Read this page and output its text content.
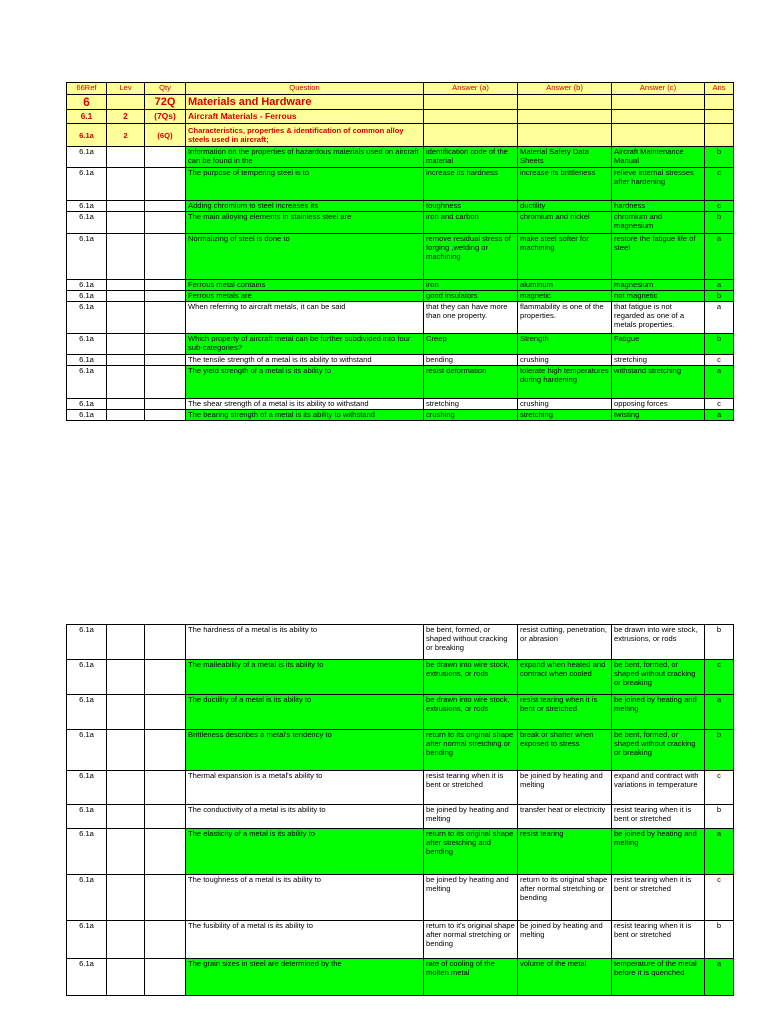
66Ref	Lev	Qty	Question	Answer (a)	Answer (b)	Answer (c)	Ans
6		72Q	Materials and Hardware				
6.1	2	(7Qs)	Aircraft Materials - Ferrous				
6.1a	2	(6Q)	Characteristics, properties & identification of common alloy steels used in aircraft;				
6.1a			Information on the properties of hazardous materials used on aircraft can be found in the	identification code of the material	Material Safety Data Sheets	Aircraft Maintenance Manual	b
6.1a			The purpose of tempering steel is to	increase its hardness	increase its brittleness	relieve internal stresses after hardening	c
6.1a			Adding chromium to steel increases its	toughness	ductility	hardness	c
6.1a			The main alloying elements in stainless steel are	iron and carbon	chromium and nickel	chromium and magnesium	b
6.1a			Normalizing of steel is done to	remove residual stress of forging ,welding or machining	make steel softer for machining	restore the fatigue life of steel	a
6.1a			Ferrous metal contains	iron	aluminum	magnesium	a
6.1a			Ferrous metals are	good insulators	magnetic	not magnetic	b
6.1a			When referring to aircraft metals, it can be said	that they can have more than one property.	flammability is one of the properties.	that fatigue is not regarded as one of a metals properties.	a
6.1a			Which property of aircraft metal can be further subdivided into four sub-categories?	Creep	Strength	Fatigue	b
6.1a			The tensile strength of a metal is its ability to withstand	bending	crushing	stretching	c
6.1a			The yield strength of a metal is its ability to	resist deformation	tolerate high temperatures during hardening	withstand stretching	a
6.1a			The shear strength of a metal is its ability to withstand	stretching	crushing	opposing forces	c
6.1a			The bearing strength of a metal is its ability to withstand	crushing	stretching	twisting	a
6.1a			The hardness of a metal is its ability to	be bent, formed, or shaped without cracking or breaking	resist cutting, penetration, or abrasion	be drawn into wire stock, extrusions, or rods	b
6.1a			The malleability of a metal is its ability to	be drawn into wire stock, extrusions, or rods	expand when heated and contract when cooled	be bent, formed, or shaped without cracking or breaking	c
6.1a			The ductility of a metal is its ability to	be drawn into wire stock, extrusions, or rods	resist tearing when it is bent or stretched	be joined by heating and melting	a
6.1a			Brittleness describes a metal's tendency to	return to its original shape after normal stretching or bending	break or shatter when exposed to stress	be bent, formed, or shaped without cracking or breaking	b
6.1a			Thermal expansion is a metal's ability to	resist tearing when it is bent or stretched	be joined by heating and melting	expand and contract with variations in temperature	c
6.1a			The conductivity of a metal is its ability to	be joined by heating and melting	transfer heat or electricity	resist tearing when it is bent or stretched	b
6.1a			The elasticity of a metal is its ability to	return to its original shape after stretching and bending	resist tearing	be joined by heating and melting	a
6.1a			The toughness of a metal is its ability to	be joined by heating and melting	return to its original shape after normal stretching or bending	resist tearing when it is bent or stretched	c
6.1a			The fusibility of a metal is its ability to	return to it's original shape after normal stretching or bending	be joined by heating and melting	resist tearing when it is bent or stretched	b
6.1a			The grain sizes in steel are determined by the	rate of cooling of the molten metal	volume of the metal	temperature of the metal before it is quenched	a
